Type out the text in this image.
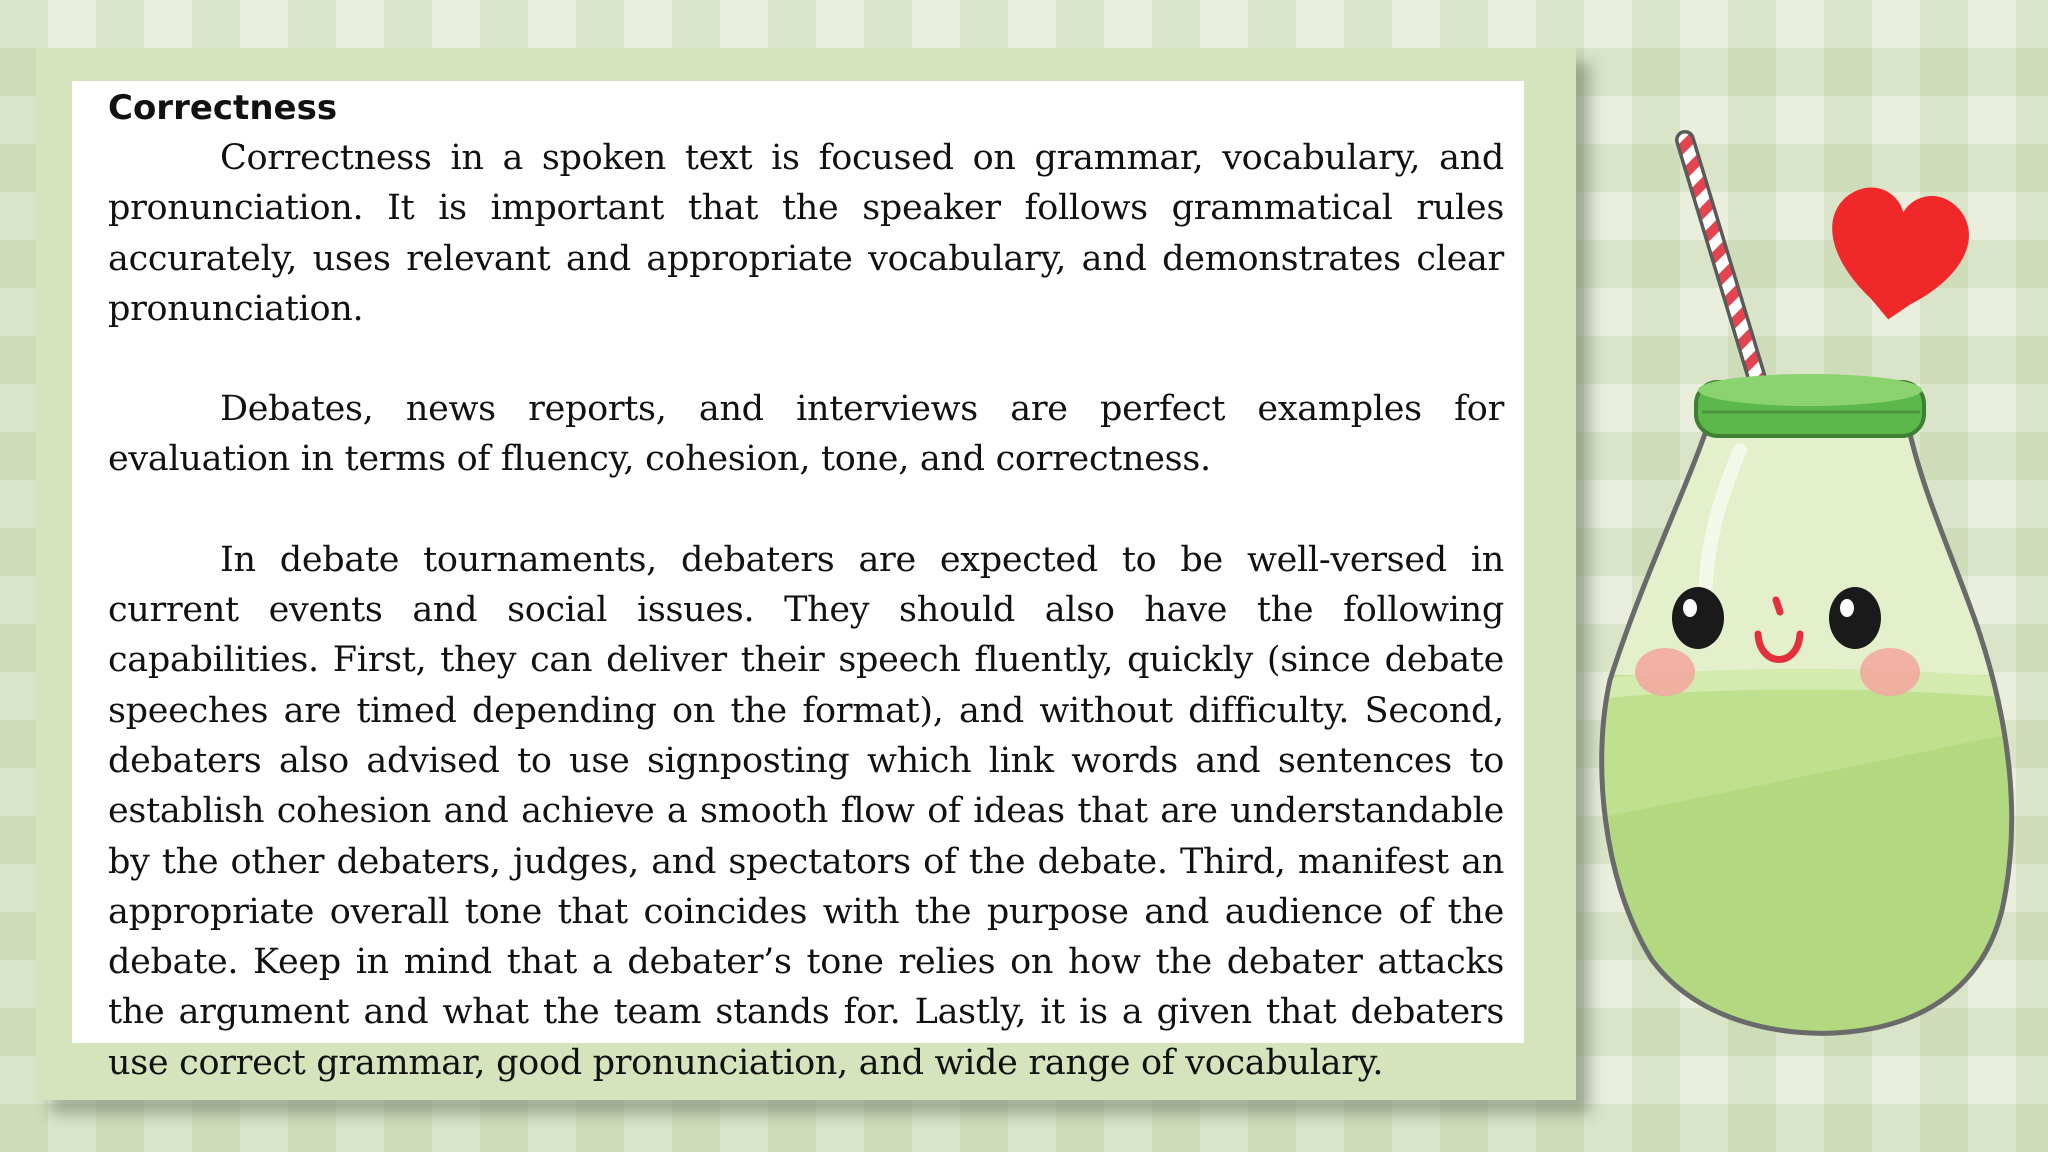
Correctness

Correctness in a spoken text is focused on grammar, vocabulary, and pronunciation. It is important that the speaker follows grammatical rules accurately, uses relevant and appropriate vocabulary, and demonstrates clear pronunciation.

Debates, news reports, and interviews are perfect examples for evaluation in terms of fluency, cohesion, tone, and correctness.

In debate tournaments, debaters are expected to be well-versed in current events and social issues. They should also have the following capabilities. First, they can deliver their speech fluently, quickly (since debate speeches are timed depending on the format), and without difficulty. Second, debaters also advised to use signposting which link words and sentences to establish cohesion and achieve a smooth flow of ideas that are understandable by the other debaters, judges, and spectators of the debate. Third, manifest an appropriate overall tone that coincides with the purpose and audience of the debate. Keep in mind that a debater’s tone relies on how the debater attacks the argument and what the team stands for. Lastly, it is a given that debaters use correct grammar, good pronunciation, and wide range of vocabulary.
